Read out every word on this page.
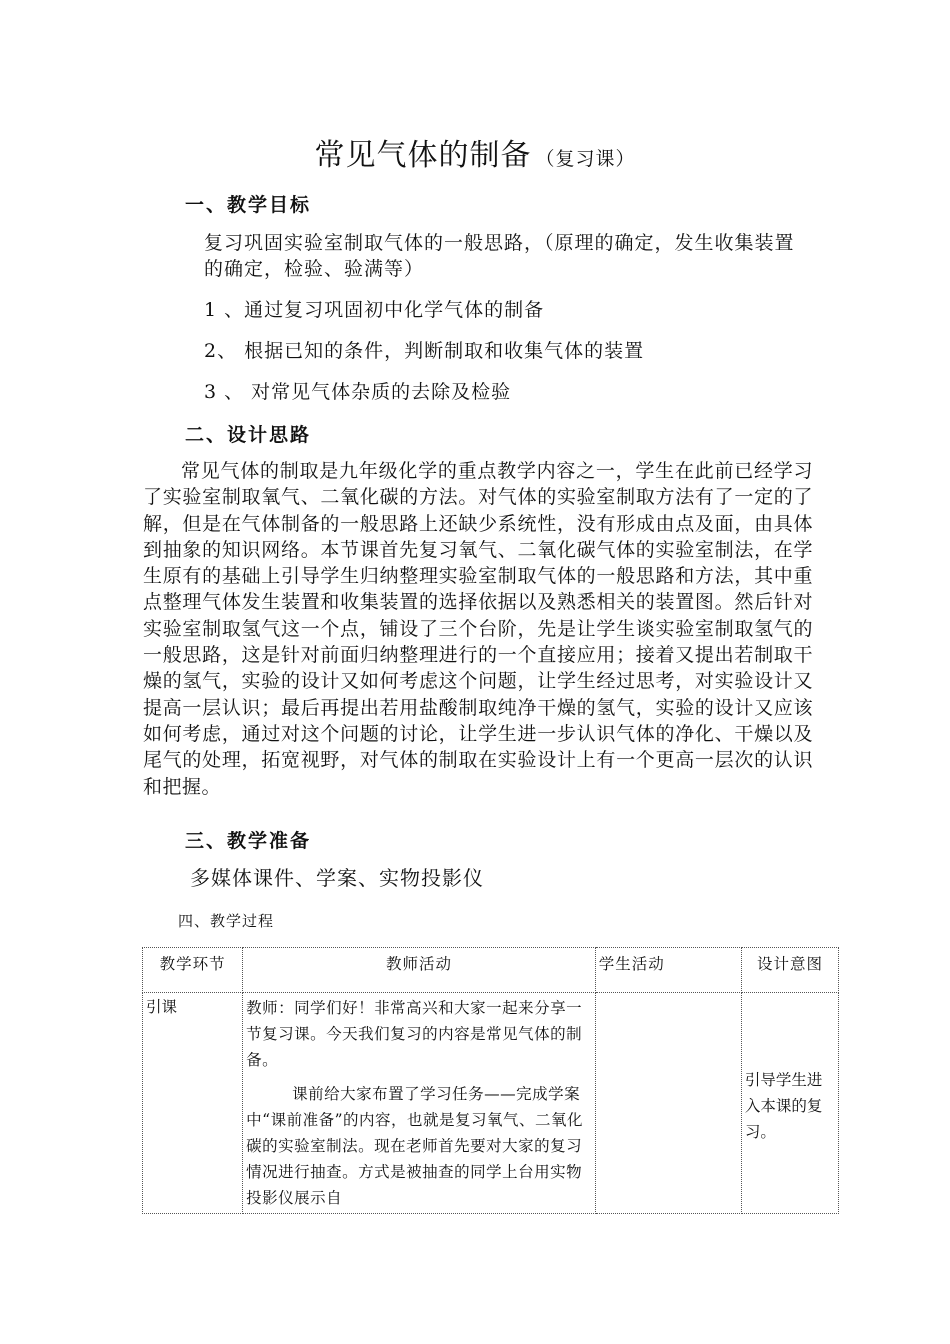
常见气体的制备 （复习课）
一、教学目标
复习巩固实验室制取气体的一般思路，（原理的确定，发生收集装置的确定，检验、验满等）
1 、通过复习巩固初中化学气体的制备
2、 根据已知的条件，判断制取和收集气体的装置
3 、 对常见气体杂质的去除及检验
二、设计思路
常见气体的制取是九年级化学的重点教学内容之一，学生在此前已经学习了实验室制取氧气、二氧化碳的方法。对气体的实验室制取方法有了一定的了解，但是在气体制备的一般思路上还缺少系统性，没有形成由点及面，由具体到抽象的知识网络。本节课首先复习氧气、二氧化碳气体的实验室制法，在学生原有的基础上引导学生归纳整理实验室制取气体的一般思路和方法，其中重点整理气体发生装置和收集装置的选择依据以及熟悉相关的装置图。然后针对实验室制取氢气这一个点，铺设了三个台阶，先是让学生谈实验室制取氢气的一般思路，这是针对前面归纳整理进行的一个直接应用；接着又提出若制取干燥的氢气，实验的设计又如何考虑这个问题，让学生经过思考，对实验设计又提高一层认识；最后再提出若用盐酸制取纯净干燥的氢气，实验的设计又应该如何考虑，通过对这个问题的讨论，让学生进一步认识气体的净化、干燥以及尾气的处理，拓宽视野，对气体的制取在实验设计上有一个更高一层次的认识和把握。
三、教学准备
多媒体课件、学案、实物投影仪
四、教学过程
教学环节	教师活动	学生活动	设计意图
引课	教师：同学们好！非常高兴和大家一起来分享一节复习课。今天我们复习的内容是常见气体的制备。

课前给大家布置了学习任务——完成学案中“课前准备”的内容，也就是复习氧气、二氧化碳的实验室制法。现在老师首先要对大家的复习情况进行抽查。方式是被抽查的同学上台用实物投影仪展示自		引导学生进入本课的复习。
